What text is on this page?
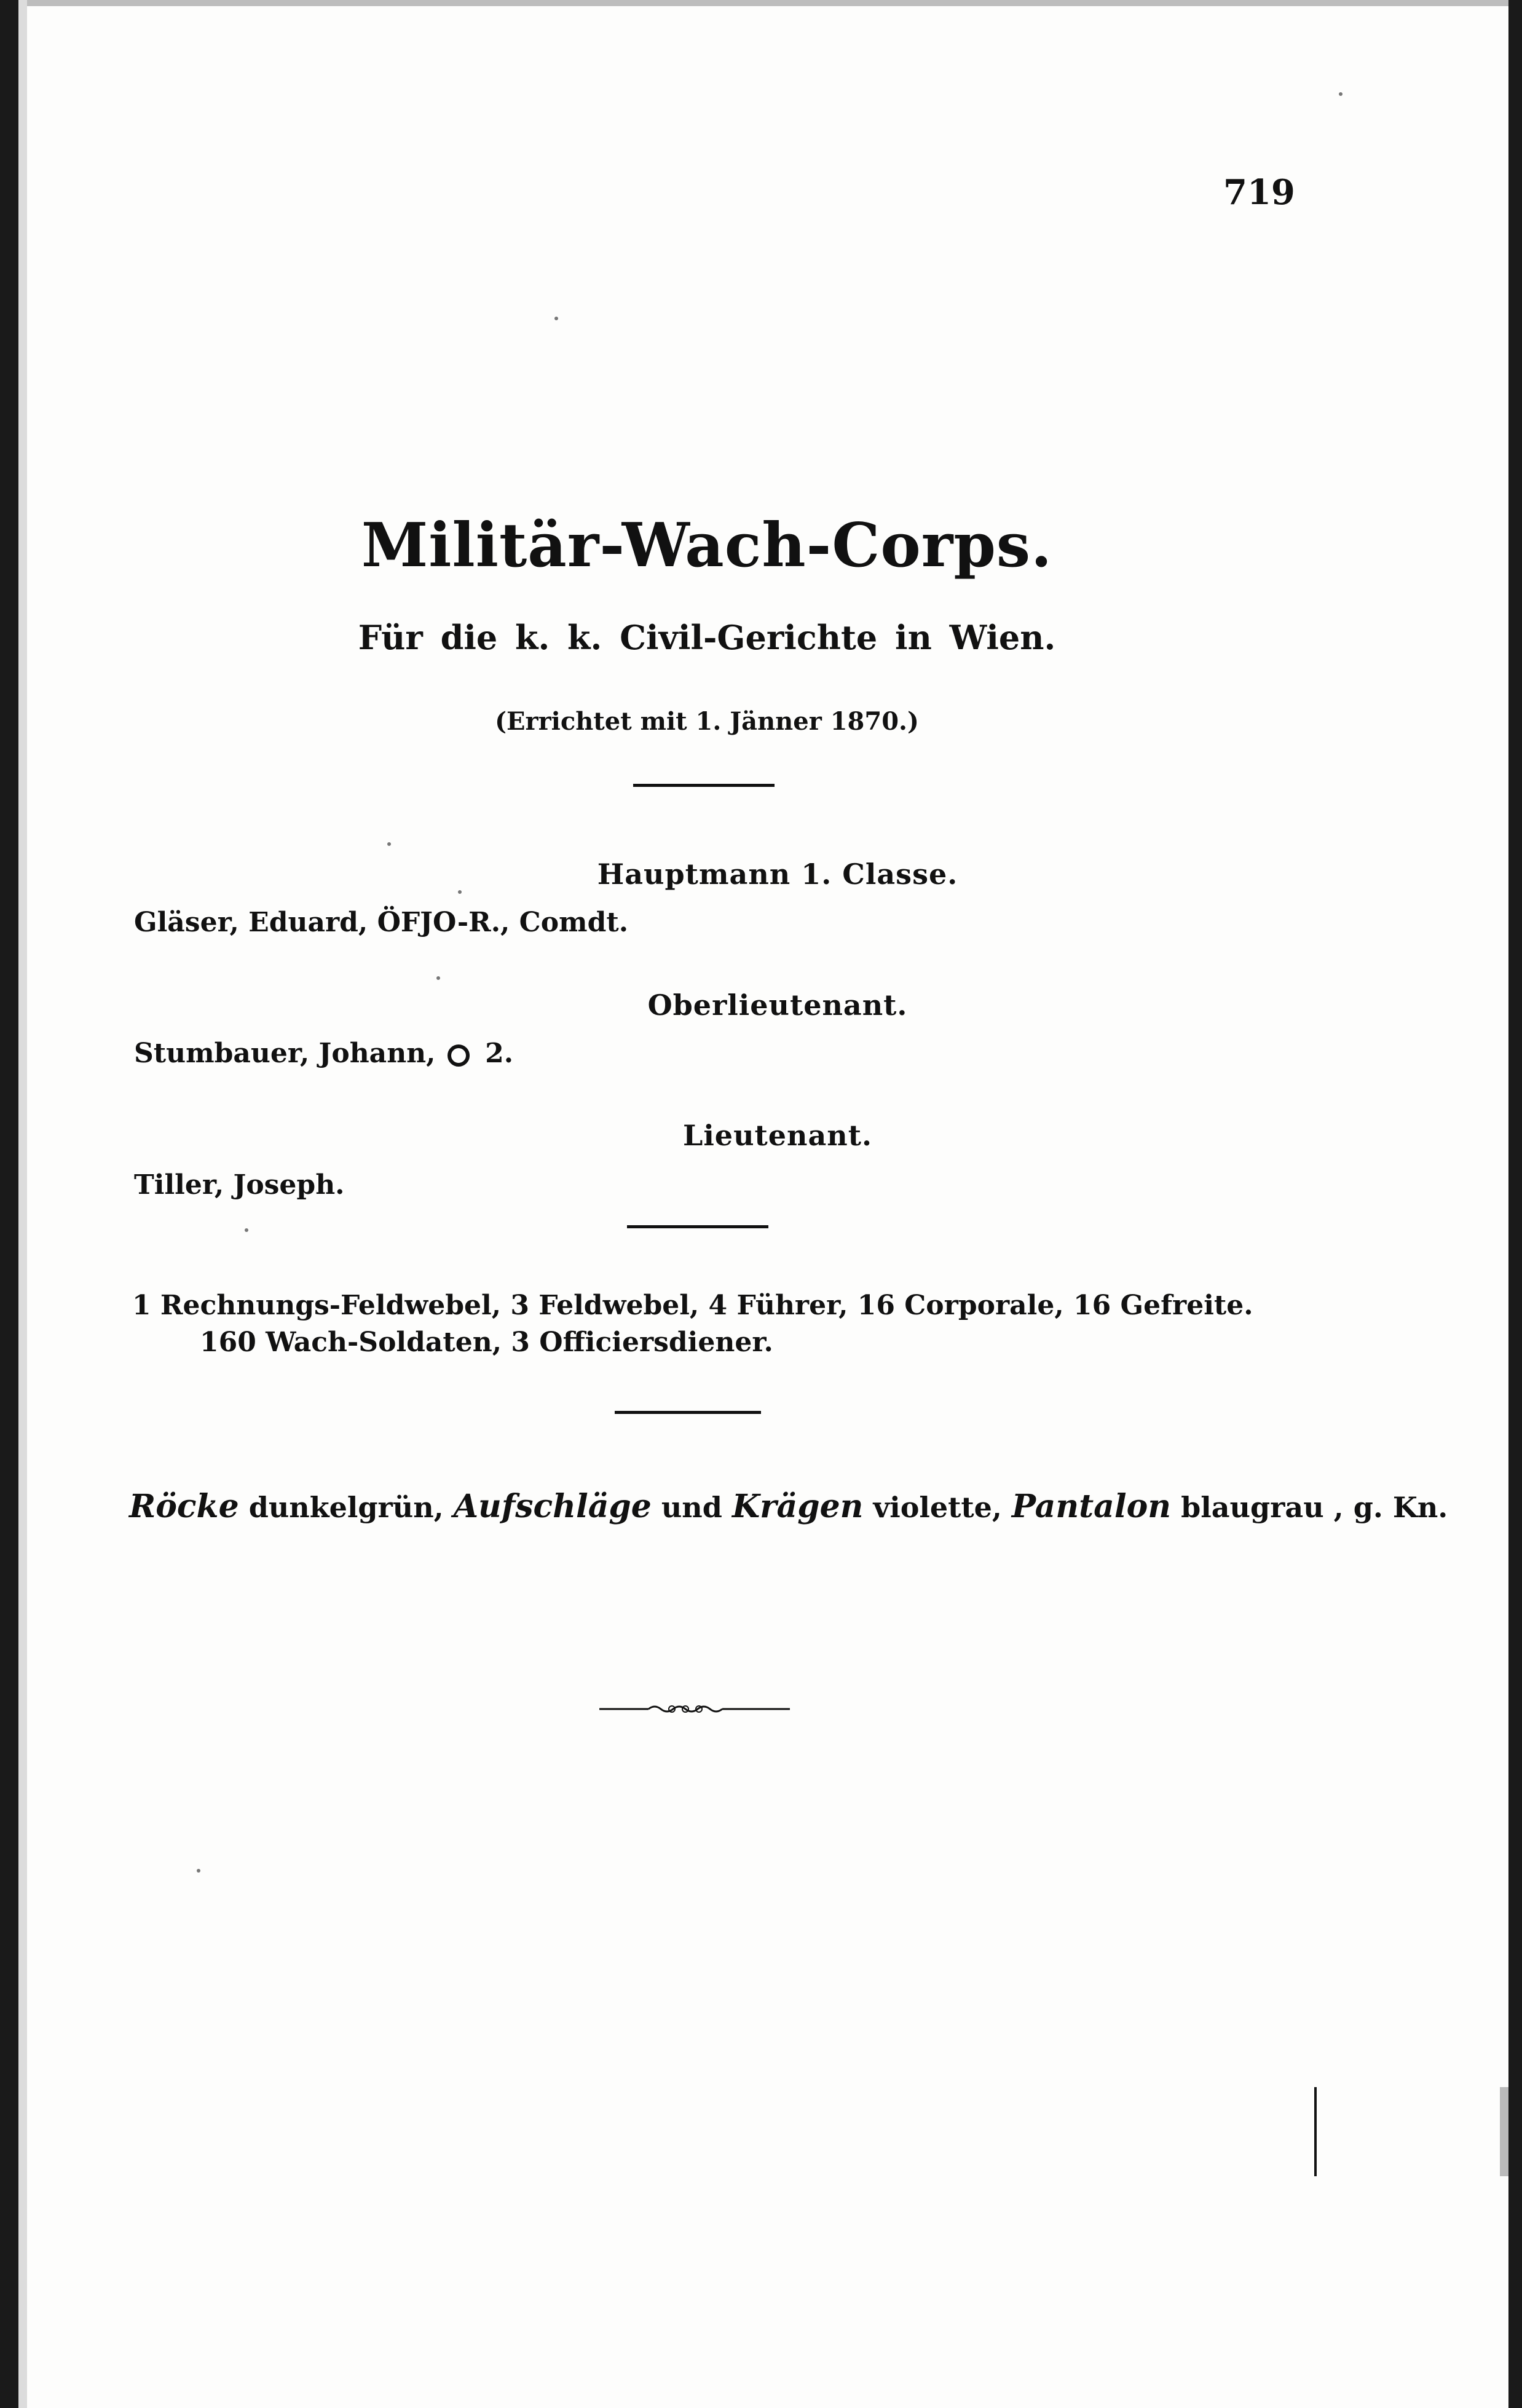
719
Militär-Wach-Corps.
Für die k. k. Civil-Gerichte in Wien.
(Errichtet mit 1. Jänner 1870.)
Hauptmann 1. Classe.
Gläser, Eduard, ÖFJO-R., Comdt.
Oberlieutenant.
Stumbauer, Johann, 2.
Lieutenant.
Tiller, Joseph.
1 Rechnungs-Feldwebel, 3 Feldwebel, 4 Führer, 16 Corporale, 16 Gefreite.
160 Wach-Soldaten, 3 Officiersdiener.
Röcke dunkelgrün, Aufschläge und Krägen violette, Pantalon blaugrau , g. Kn.
